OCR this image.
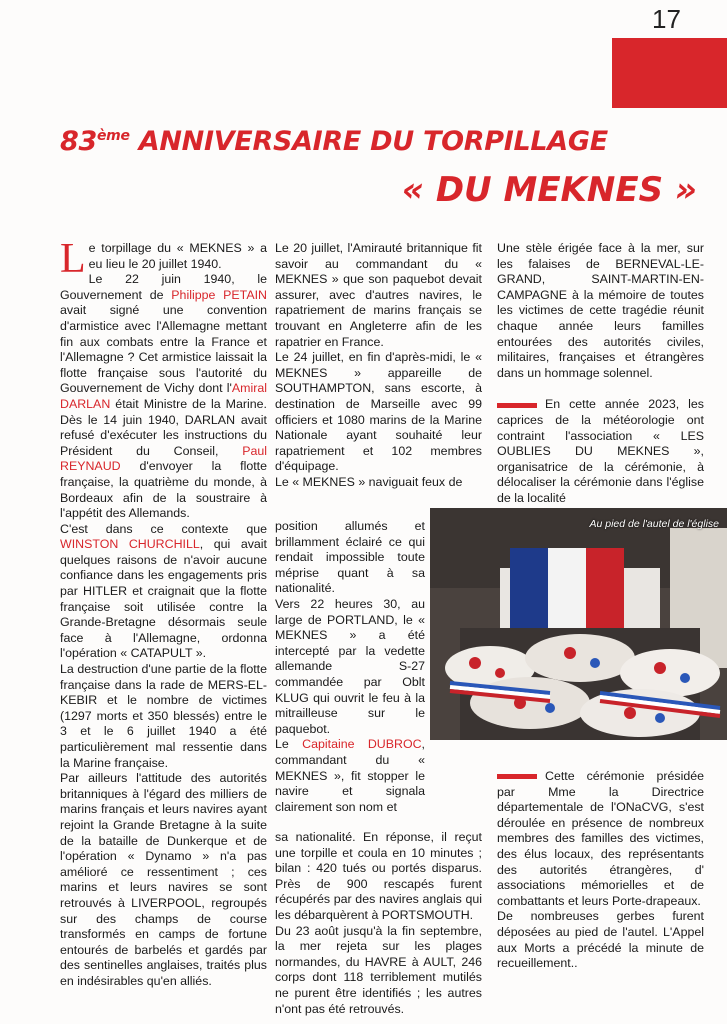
17
83ème ANNIVERSAIRE DU TORPILLAGE
« DU MEKNES »

Le torpillage du « MEKNES » a eu lieu le 20 juillet 1940.

Le 22 juin 1940, le Gouvernement de Philippe PETAIN avait signé une convention d'armistice avec l'Allemagne mettant fin aux combats entre la France et l'Allemagne ? Cet armistice laissait la flotte française sous l'autorité du Gouvernement de Vichy dont l'Amiral DARLAN était Ministre de la Marine. Dès le 14 juin 1940, DARLAN avait refusé d'exécuter les instructions du Président du Conseil, Paul REYNAUD d'envoyer la flotte française, la quatrième du monde, à Bordeaux afin de la soustraire à l'appétit des Allemands.

C'est dans ce contexte que WINSTON CHURCHILL, qui avait quelques raisons de n'avoir aucune confiance dans les engagements pris par HITLER et craignait que la flotte française soit utilisée contre la Grande-Bretagne désormais seule face à l'Allemagne, ordonna l'opération « CATAPULT ».

La destruction d'une partie de la flotte française dans la rade de MERS-EL-KEBIR et le nombre de victimes (1297 morts et 350 blessés) entre le 3 et le 6 juillet 1940 a été particulièrement mal ressentie dans la Marine française.

Par ailleurs l'attitude des autorités britanniques à l'égard des milliers de marins français et leurs navires ayant rejoint la Grande Bretagne à la suite de la bataille de Dunkerque et de l'opération « Dynamo » n'a pas amélioré ce ressentiment ; ces marins et leurs navires se sont retrouvés à LIVERPOOL, regroupés sur des champs de course transformés en camps de fortune entourés de barbelés et gardés par des sentinelles anglaises, traités plus en indésirables qu'en alliés.

Le 20 juillet, l'Amirauté britannique fit savoir au commandant du « MEKNES » que son paquebot devait assurer, avec d'autres navires, le rapatriement de marins français se trouvant en Angleterre afin de les rapatrier en France.

Le 24 juillet, en fin d'après-midi, le « MEKNES » appareille de SOUTHAMPTON, sans escorte, à destination de Marseille avec 99 officiers et 1080 marins de la Marine Nationale ayant souhaité leur rapatriement et 102 membres d'équipage.

Le « MEKNES » naviguait feux de

position allumés et brillamment éclairé ce qui rendait impossible toute méprise quant à sa nationalité.

Vers 22 heures 30, au large de PORTLAND, le « MEKNES » a été intercepté par la vedette allemande S-27 commandée par Oblt KLUG qui ouvrit le feu à la mitrailleuse sur le paquebot.

Le Capitaine DUBROC, commandant du « MEKNES », fit stopper le navire et signala clairement son nom et

sa nationalité. En réponse, il reçut une torpille et coula en 10 minutes ; bilan : 420 tués ou portés disparus. Près de 900 rescapés furent récupérés par des navires anglais qui les débarquèrent à PORTSMOUTH.

Du 23 août jusqu'à la fin septembre, la mer rejeta sur les plages normandes, du HAVRE à AULT, 246 corps dont 118 terriblement mutilés ne purent être identifiés ; les autres n'ont pas été retrouvés.

Une stèle érigée face à la mer, sur les falaises de BERNEVAL-LE-GRAND, SAINT-MARTIN-EN-CAMPAGNE à la mémoire de toutes les victimes de cette tragédie réunit chaque année leurs familles entourées des autorités civiles, militaires, françaises et étrangères dans un hommage solennel.

En cette année 2023, les caprices de la météorologie ont contraint l'association « LES OUBLIES DU MEKNES », organisatrice de la cérémonie, à délocaliser la cérémonie dans l'église de la localité

Au pied de l'autel de l'église

Cette cérémonie présidée par Mme la Directrice départementale de l'ONaCVG, s'est déroulée en présence de nombreux membres des familles des victimes, des élus locaux, des représentants des autorités étrangères, d' associations mémorielles et de combattants et leurs Porte-drapeaux.

De nombreuses gerbes furent déposées au pied de l'autel. L'Appel aux Morts a précédé la minute de recueillement..
